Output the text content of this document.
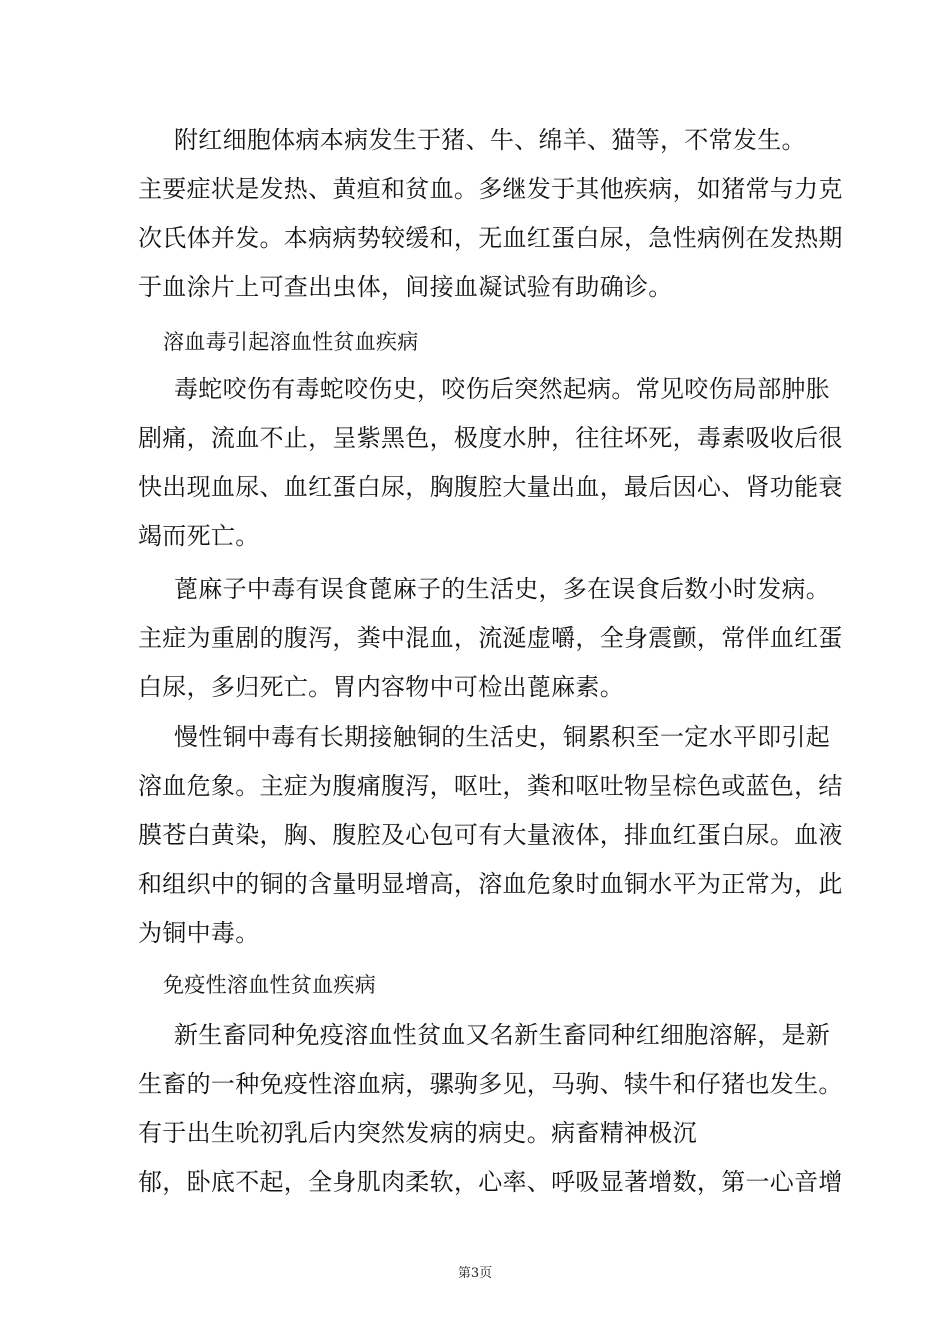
附红细胞体病本病发生于猪、牛、绵羊、猫等，不常发生。
主要症状是发热、黄疸和贫血。多继发于其他疾病，如猪常与力克
次氏体并发。本病病势较缓和，无血红蛋白尿，急性病例在发热期
于血涂片上可查出虫体，间接血凝试验有助确诊。
溶血毒引起溶血性贫血疾病
毒蛇咬伤有毒蛇咬伤史，咬伤后突然起病。常见咬伤局部肿胀
剧痛，流血不止，呈紫黑色，极度水肿，往往坏死，毒素吸收后很
快出现血尿、血红蛋白尿，胸腹腔大量出血，最后因心、肾功能衰
竭而死亡。
蓖麻子中毒有误食蓖麻子的生活史，多在误食后数小时发病。
主症为重剧的腹泻，粪中混血，流涎虚嚼，全身震颤，常伴血红蛋
白尿，多归死亡。胃内容物中可检出蓖麻素。
慢性铜中毒有长期接触铜的生活史，铜累积至一定水平即引起
溶血危象。主症为腹痛腹泻，呕吐，粪和呕吐物呈棕色或蓝色，结
膜苍白黄染，胸、腹腔及心包可有大量液体，排血红蛋白尿。血液
和组织中的铜的含量明显增高，溶血危象时血铜水平为正常为，此
为铜中毒。
免疫性溶血性贫血疾病
新生畜同种免疫溶血性贫血又名新生畜同种红细胞溶解，是新
生畜的一种免疫性溶血病，骡驹多见，马驹、犊牛和仔猪也发生。
有于出生吮初乳后内突然发病的病史。病畜精神极沉
郁，卧底不起，全身肌肉柔软，心率、呼吸显著增数，第一心音增
第3页
